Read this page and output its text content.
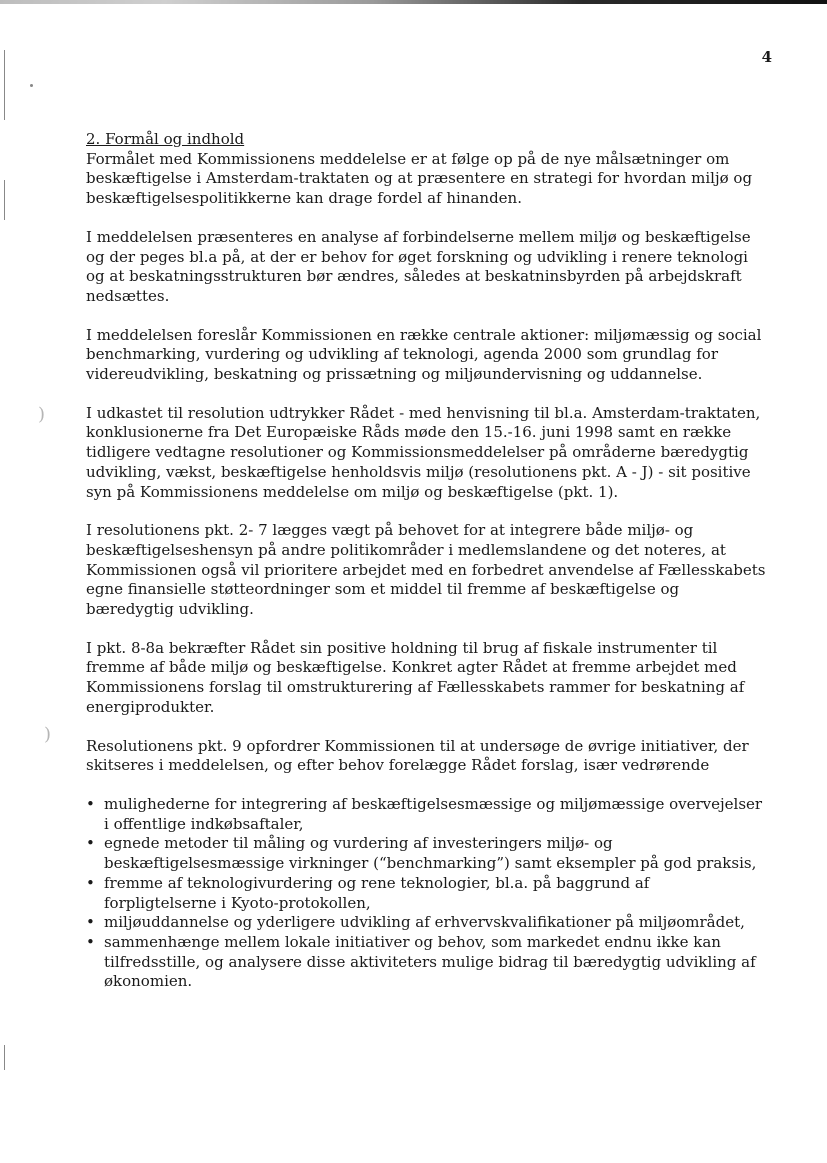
)
)
4
2. Formål og indhold

Formålet med Kommissionens meddelelse er at følge op på de nye målsætninger om beskæftigelse i Amsterdam-traktaten og at præsentere en strategi for hvordan miljø og beskæftigelsespolitikkerne kan drage fordel af hinanden.

I meddelelsen præsenteres en analyse af forbindelserne mellem miljø og beskæftigelse og der peges bl.a på, at der er behov for øget forskning og udvikling i renere teknologi og at beskatningsstrukturen bør ændres, således at beskatninsbyrden på arbejdskraft nedsættes.

I meddelelsen foreslår Kommissionen en række centrale aktioner: miljømæssig og social benchmarking, vurdering og udvikling af teknologi, agenda 2000 som grundlag for videreudvikling, beskatning og prissætning og miljøundervisning og uddannelse.

I udkastet til resolution udtrykker Rådet - med henvisning til bl.a. Amsterdam-traktaten, konklusionerne fra Det Europæiske Råds møde den 15.-16. juni 1998 samt en række tidligere vedtagne resolutioner og Kommissionsmeddelelser på områderne bæredygtig udvikling, vækst, beskæftigelse henholdsvis miljø (resolutionens pkt. A - J) - sit positive syn på Kommissionens meddelelse om miljø og beskæftigelse (pkt. 1).

I resolutionens pkt. 2- 7 lægges vægt på behovet for at integrere både miljø- og beskæftigelseshensyn på andre politikområder i medlemslandene og det noteres, at Kommissionen også vil prioritere arbejdet med en forbedret anvendelse af Fællesskabets egne finansielle støtteordninger som et middel til fremme af beskæftigelse og bæredygtig udvikling.

I pkt. 8-8a bekræfter Rådet sin positive holdning til brug af fiskale instrumenter til fremme af både miljø og beskæftigelse. Konkret agter Rådet at fremme arbejdet med Kommissionens forslag til omstrukturering af Fællesskabets rammer for beskatning af energiprodukter.

Resolutionens pkt. 9 opfordrer Kommissionen til at undersøge de øvrige initiativer, der skitseres i meddelelsen, og efter behov forelægge Rådet forslag, især vedrørende

• mulighederne for integrering af beskæftigelsesmæssige og miljømæssige overvejelser i offentlige indkøbsaftaler,
• egnede metoder til måling og vurdering af investeringers miljø- og beskæftigelsesmæssige virkninger (“benchmarking”) samt eksempler på god praksis,
• fremme af teknologivurdering og rene teknologier, bl.a. på baggrund af forpligtelserne i Kyoto-protokollen,
• miljøuddannelse og yderligere udvikling af erhvervskvalifikationer på miljøområdet,
• sammenhænge mellem lokale initiativer og behov, som markedet endnu ikke kan tilfredsstille, og analysere disse aktiviteters mulige bidrag til bæredygtig udvikling af økonomien.
